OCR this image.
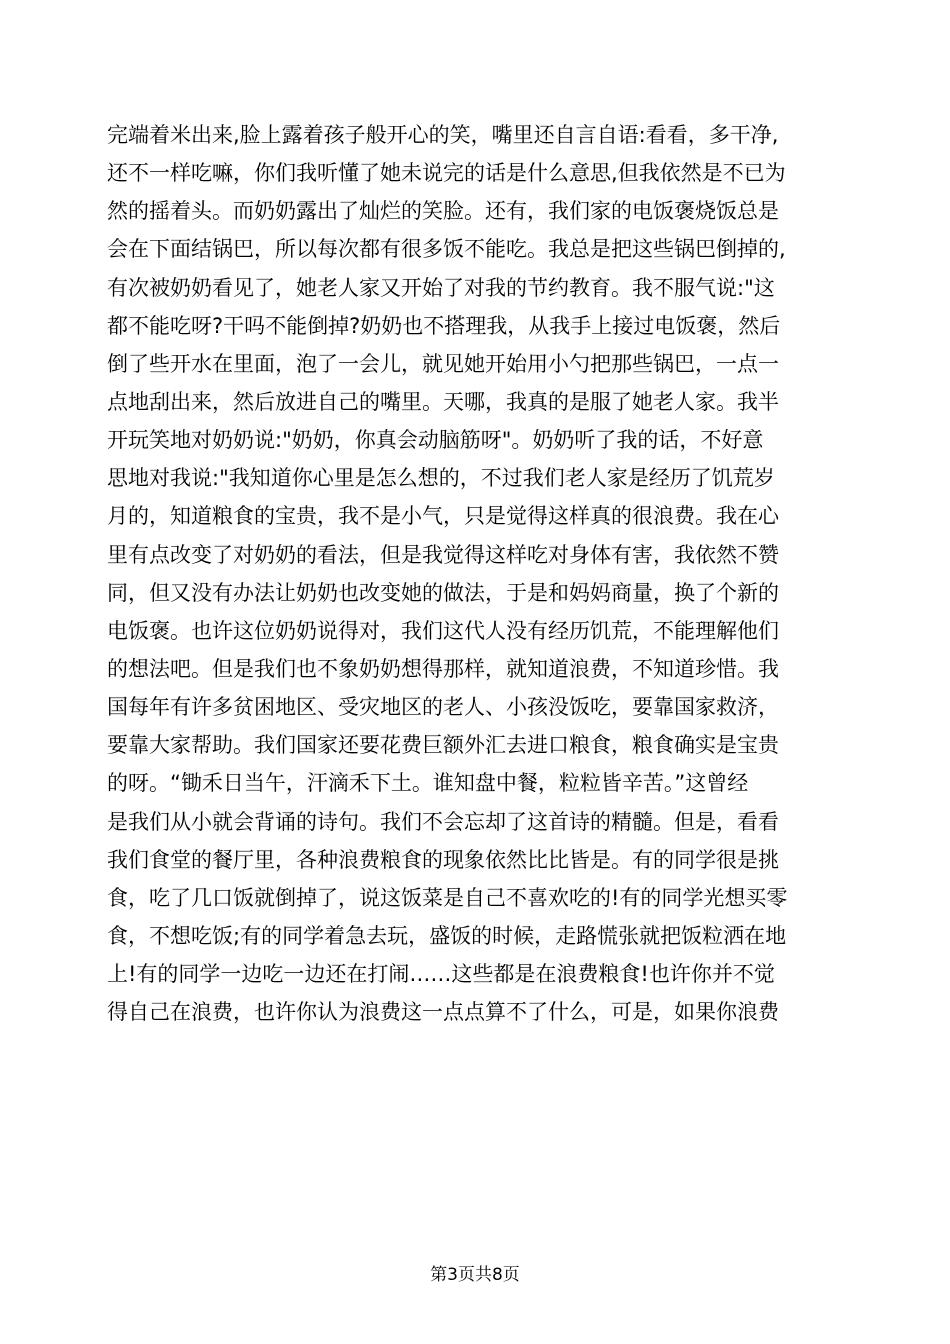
完端着米出来,脸上露着孩子般开心的笑，嘴里还自言自语:看看，多干净,
还不一样吃嘛，你们我听懂了她未说完的话是什么意思,但我依然是不已为
然的摇着头。而奶奶露出了灿烂的笑脸。还有，我们家的电饭褒烧饭总是
会在下面结锅巴，所以每次都有很多饭不能吃。我总是把这些锅巴倒掉的,
有次被奶奶看见了，她老人家又开始了对我的节约教育。我不服气说:"这
都不能吃呀?干吗不能倒掉?奶奶也不搭理我，从我手上接过电饭褒，然后
倒了些开水在里面，泡了一会儿，就见她开始用小勺把那些锅巴，一点一
点地刮出来，然后放进自己的嘴里。天哪，我真的是服了她老人家。我半
开玩笑地对奶奶说:"奶奶，你真会动脑筋呀"。奶奶听了我的话，不好意
思地对我说:"我知道你心里是怎么想的，不过我们老人家是经历了饥荒岁
月的，知道粮食的宝贵，我不是小气，只是觉得这样真的很浪费。我在心
里有点改变了对奶奶的看法，但是我觉得这样吃对身体有害，我依然不赞
同，但又没有办法让奶奶也改变她的做法，于是和妈妈商量，换了个新的
电饭褒。也许这位奶奶说得对，我们这代人没有经历饥荒，不能理解他们
的想法吧。但是我们也不象奶奶想得那样，就知道浪费，不知道珍惜。我
国每年有许多贫困地区、受灾地区的老人、小孩没饭吃，要靠国家救济，
要靠大家帮助。我们国家还要花费巨额外汇去进口粮食，粮食确实是宝贵
的呀。“锄禾日当午，汗滴禾下土。谁知盘中餐，粒粒皆辛苦。”这曾经
是我们从小就会背诵的诗句。我们不会忘却了这首诗的精髓。但是，看看
我们食堂的餐厅里，各种浪费粮食的现象依然比比皆是。有的同学很是挑
食，吃了几口饭就倒掉了，说这饭菜是自己不喜欢吃的!有的同学光想买零
食，不想吃饭;有的同学着急去玩，盛饭的时候，走路慌张就把饭粒洒在地
上!有的同学一边吃一边还在打闹……这些都是在浪费粮食!也许你并不觉
得自己在浪费，也许你认为浪费这一点点算不了什么，可是，如果你浪费
第3页共8页
